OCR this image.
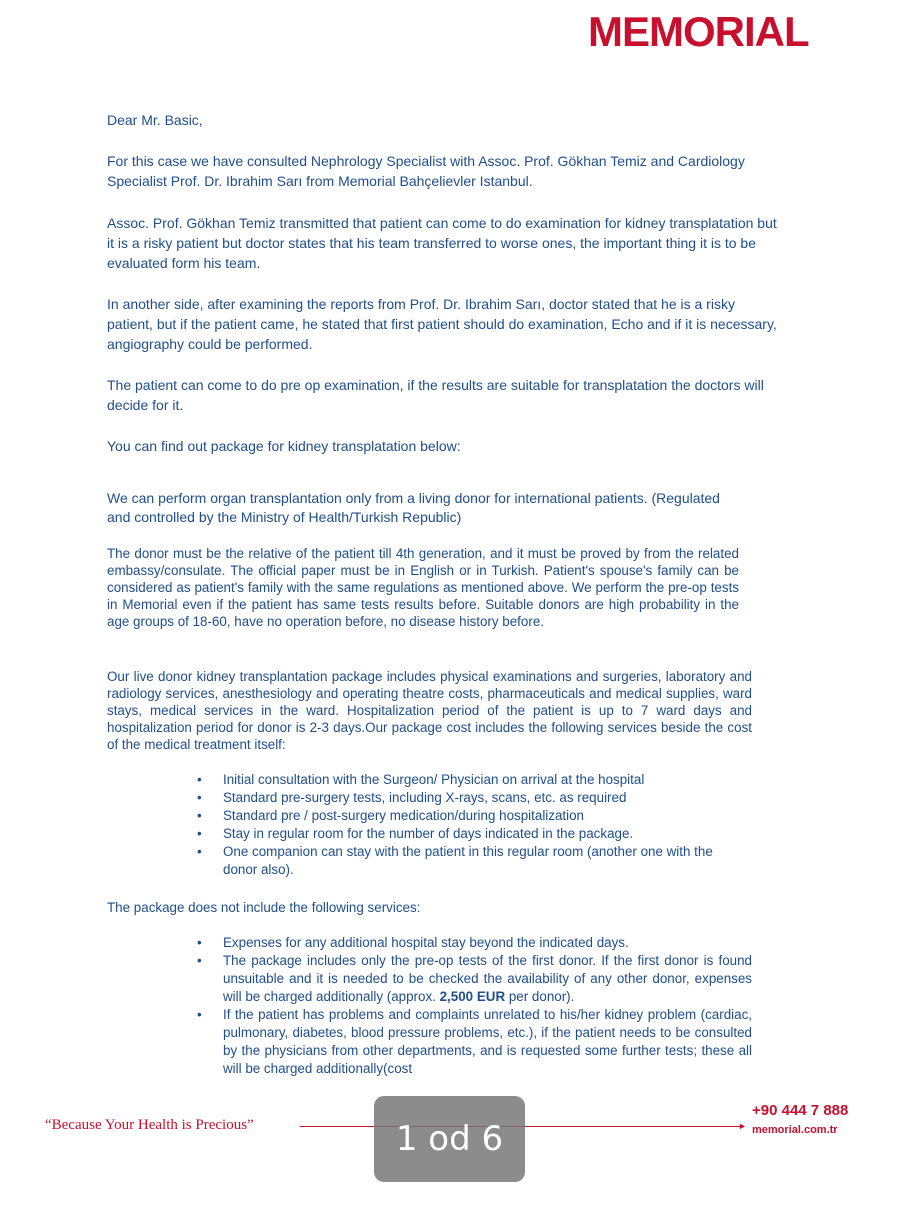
MEMORIAL

Dear Mr. Basic,

For this case we have consulted Nephrology Specialist with Assoc. Prof. Gökhan Temiz and Cardiology Specialist Prof. Dr. Ibrahim Sarı from Memorial Bahçelievler Istanbul.

Assoc. Prof. Gökhan Temiz transmitted that patient can come to do examination for kidney transplatation but it is a risky patient but doctor states that his team transferred to worse ones, the important thing it is to be evaluated form his team.

In another side, after examining the reports from Prof. Dr. Ibrahim Sarı, doctor stated that he is a risky patient, but if the patient came, he stated that first patient should do examination, Echo and if it is necessary, angiography could be performed.

The patient can come to do pre op examination, if the results are suitable for transplatation the doctors will decide for it.

You can find out package for kidney transplatation below:

We can perform organ transplantation only from a living donor for international patients. (Regulated and controlled by the Ministry of Health/Turkish Republic)

The donor must be the relative of the patient till 4th generation, and it must be proved by from the related embassy/consulate. The official paper must be in English or in Turkish. Patient's spouse's family can be considered as patient's family with the same regulations as mentioned above. We perform the pre-op tests in Memorial even if the patient has same tests results before. Suitable donors are high probability in the age groups of 18-60, have no operation before, no disease history before.

Our live donor kidney transplantation package includes physical examinations and surgeries, laboratory and radiology services, anesthesiology and operating theatre costs, pharmaceuticals and medical supplies, ward stays, medical services in the ward. Hospitalization period of the patient is up to 7 ward days and hospitalization period for donor is 2-3 days.Our package cost includes the following services beside the cost of the medical treatment itself:

• Initial consultation with the Surgeon/ Physician on arrival at the hospital
• Standard pre-surgery tests, including X-rays, scans, etc. as required
• Standard pre / post-surgery medication/during hospitalization
• Stay in regular room for the number of days indicated in the package.
• One companion can stay with the patient in this regular room (another one with the donor also).

The package does not include the following services:

• Expenses for any additional hospital stay beyond the indicated days.
• The package includes only the pre-op tests of the first donor. If the first donor is found unsuitable and it is needed to be checked the availability of any other donor, expenses will be charged additionally (approx. 2,500 EUR per donor).
• If the patient has problems and complaints unrelated to his/her kidney problem (cardiac, pulmonary, diabetes, blood pressure problems, etc.), if the patient needs to be consulted by the physicians from other departments, and is requested some further tests; these all will be charged additionally(cost
“Because Your Health is Precious”	►
+90 444 7 888
memorial.com.tr
1 od 6
